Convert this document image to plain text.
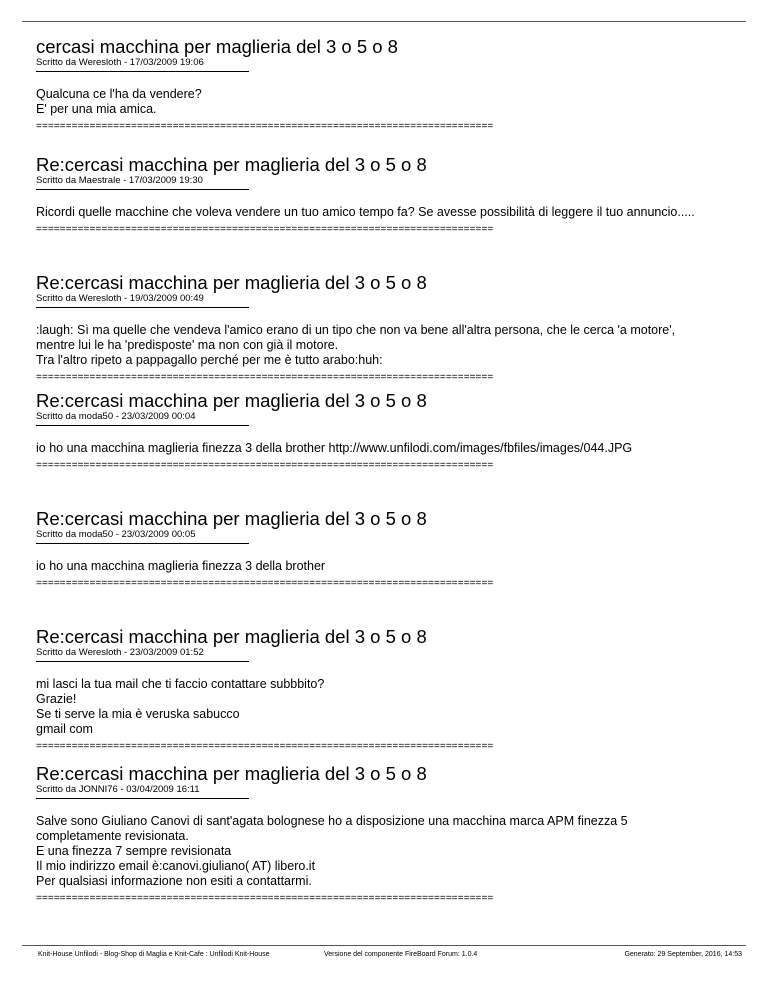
cercasi macchina per maglieria del 3 o 5 o 8
Scritto da Weresloth - 17/03/2009 19:06
Qualcuna ce l'ha da vendere?
E' per una mia amica.
=============================================================================
Re:cercasi macchina per maglieria del 3 o 5 o 8
Scritto da Maestrale - 17/03/2009 19:30
Ricordi quelle macchine che voleva vendere un tuo amico tempo fa? Se avesse possibilità di leggere il tuo annuncio.....
=============================================================================
Re:cercasi macchina per maglieria del 3 o 5 o 8
Scritto da Weresloth - 19/03/2009 00:49
:laugh: Sì ma quelle che vendeva l'amico erano di un tipo che non va bene all'altra persona, che le cerca 'a motore',
mentre lui le ha 'predisposte' ma non con già il motore.
Tra l'altro ripeto a pappagallo perché per me è tutto arabo:huh:
=============================================================================
Re:cercasi macchina per maglieria del 3 o 5 o 8
Scritto da moda50 - 23/03/2009 00:04
io ho una macchina maglieria finezza 3 della brother http://www.unfilodi.com/images/fbfiles/images/044.JPG
=============================================================================
Re:cercasi macchina per maglieria del 3 o 5 o 8
Scritto da moda50 - 23/03/2009 00:05
io ho una macchina maglieria finezza 3 della brother
=============================================================================
Re:cercasi macchina per maglieria del 3 o 5 o 8
Scritto da Weresloth - 23/03/2009 01:52
mi lasci la tua mail che ti faccio contattare subbbito?
Grazie!
Se ti serve la mia è veruska sabucco
gmail com
=============================================================================
Re:cercasi macchina per maglieria del 3 o 5 o 8
Scritto da JONNI76 - 03/04/2009 16:11
Salve sono Giuliano Canovi di sant'agata bolognese ho a disposizione una macchina marca APM finezza 5
completamente revisionata.
E una finezza 7 sempre revisionata
Il mio indirizzo email è:canovi.giuliano( AT) libero.it
Per qualsiasi informazione non esiti a contattarmi.
=============================================================================
Knit-House Unfilodi - Blog-Shop di Maglia e Knit-Cafe : Unfilodi Knit-House	Versione del componente FireBoard Forum: 1.0.4	Generato: 29 September, 2016, 14:53
